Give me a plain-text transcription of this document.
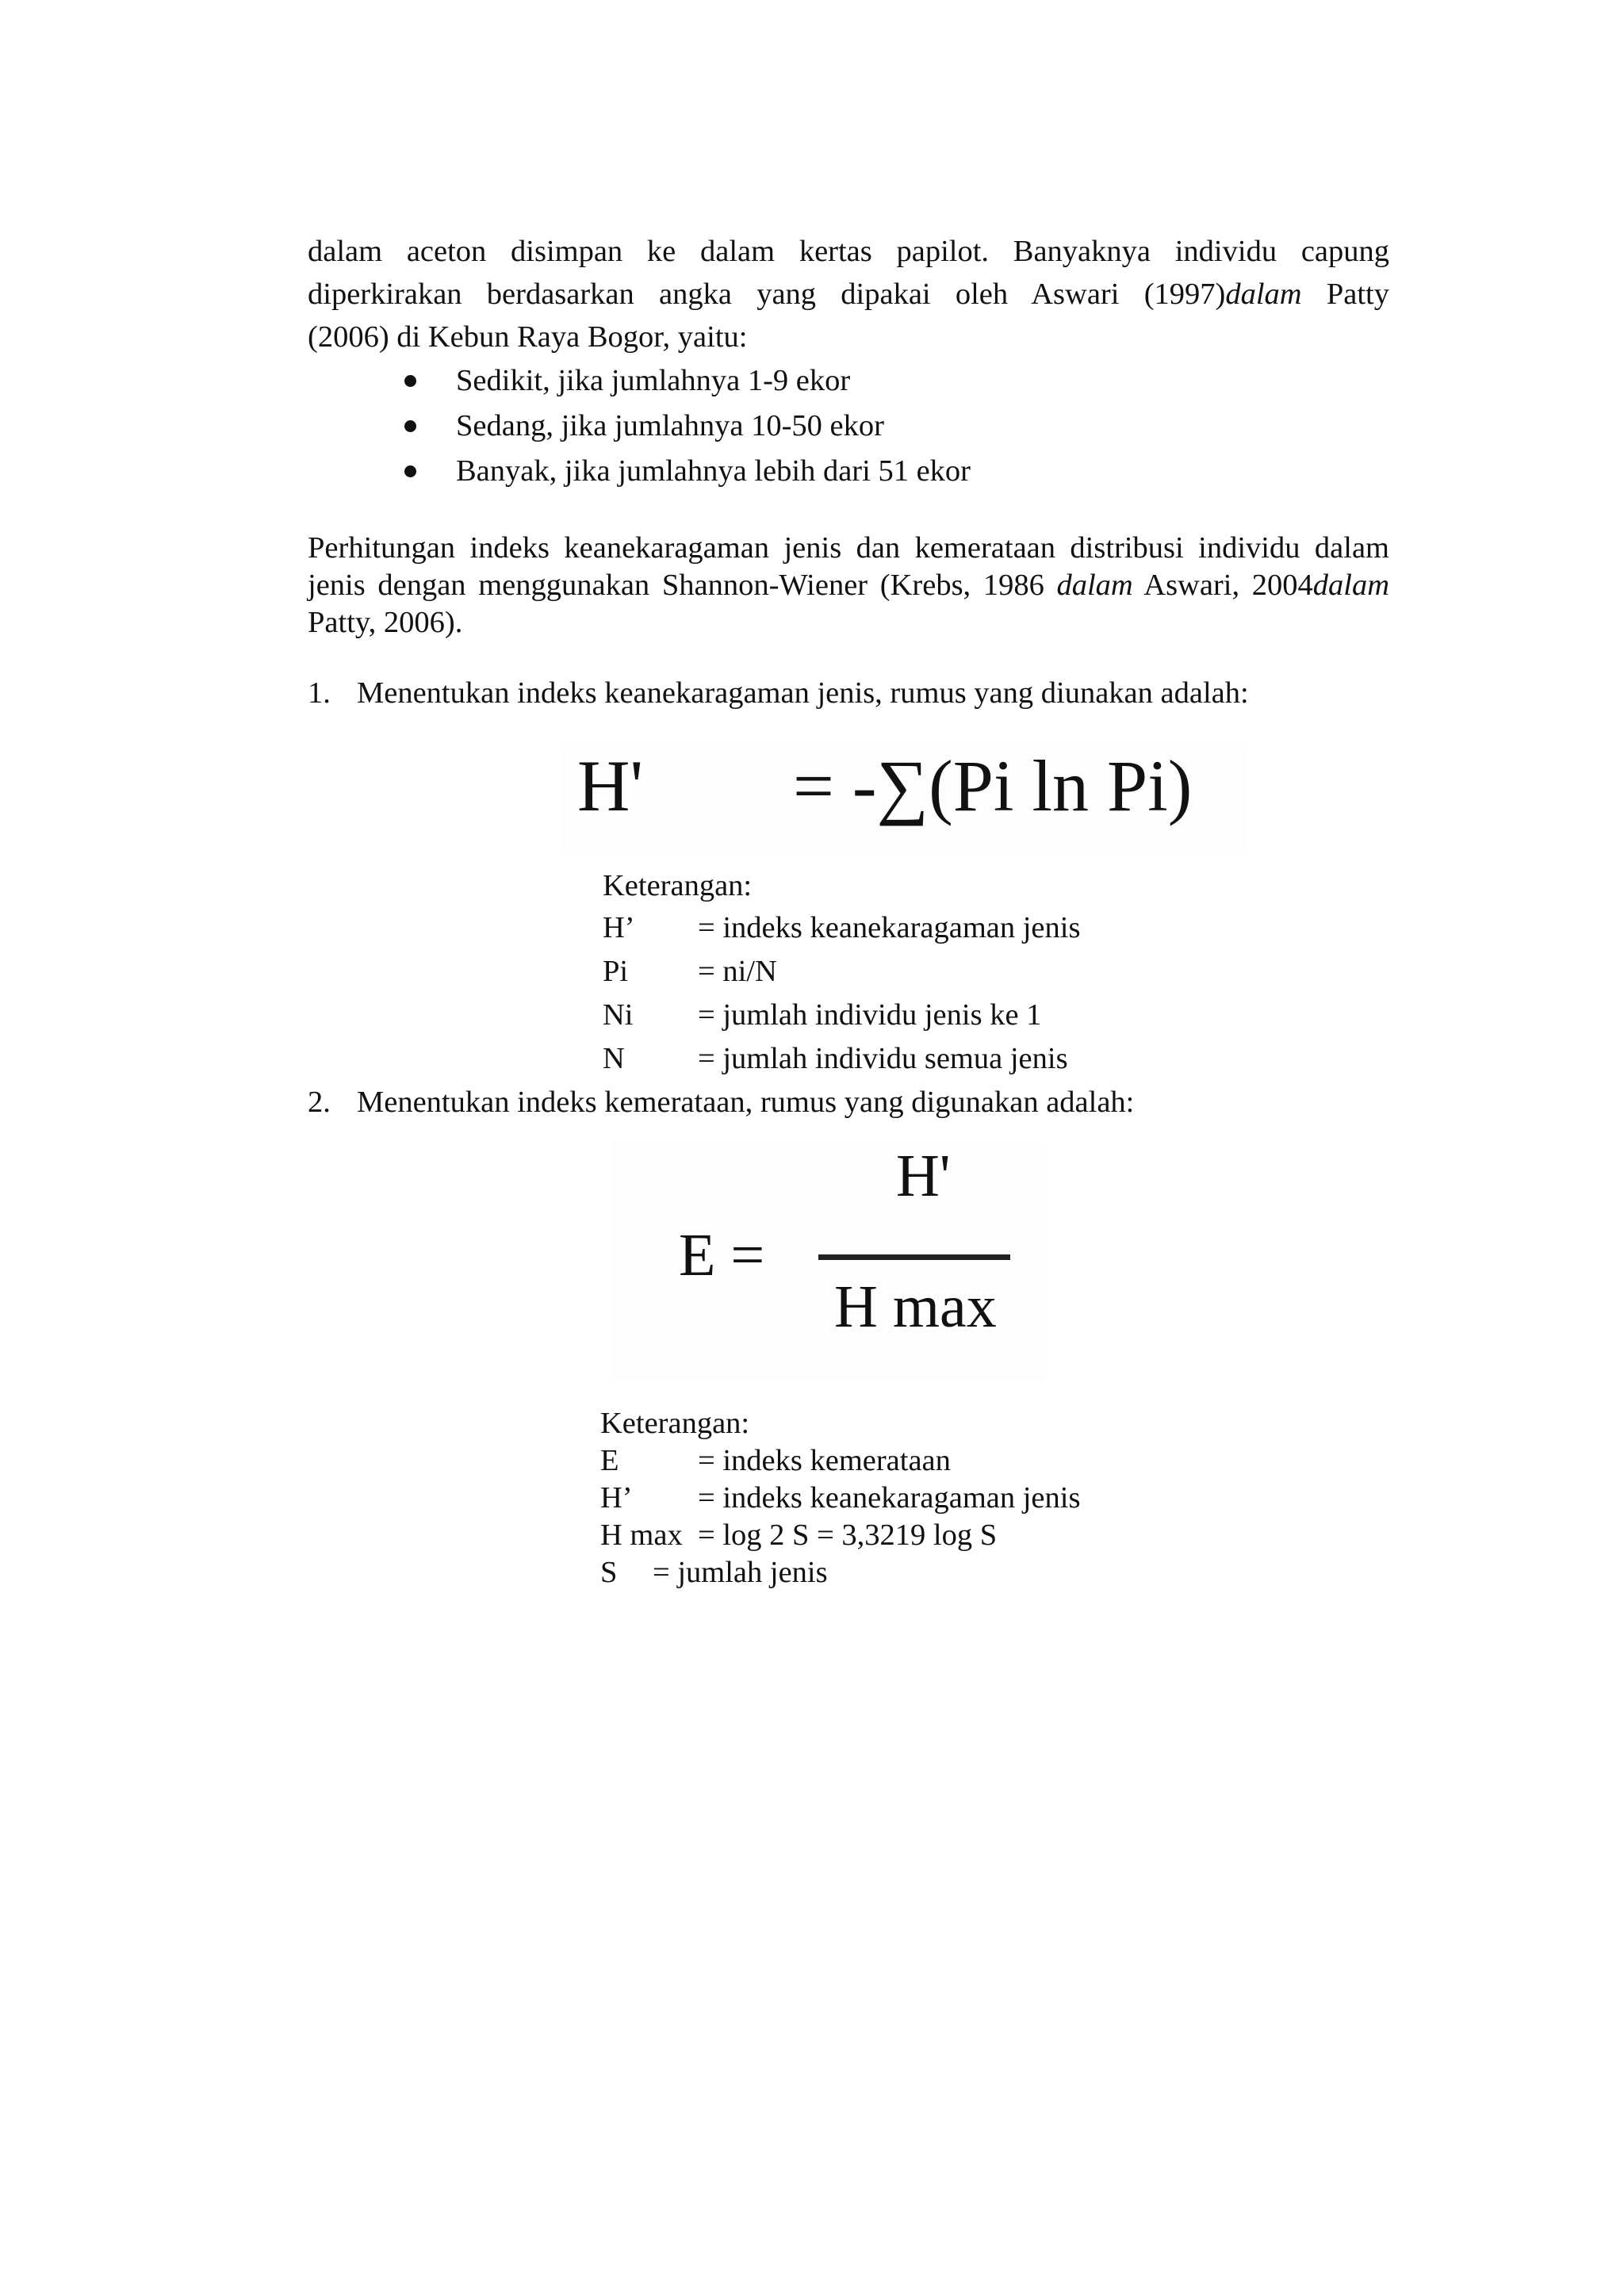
dalam aceton disimpan ke dalam kertas papilot. Banyaknya individu capung
diperkirakan berdasarkan angka yang dipakai oleh Aswari (1997)dalam Patty
(2006) di Kebun Raya Bogor, yaitu:
Sedikit, jika jumlahnya 1-9 ekor
Sedang, jika jumlahnya 10-50 ekor
Banyak, jika jumlahnya lebih dari 51 ekor
Perhitungan indeks keanekaragaman jenis dan kemerataan distribusi individu dalam jenis dengan menggunakan Shannon-Wiener (Krebs, 1986 dalam Aswari, 2004dalam Patty, 2006).
1. Menentukan indeks keanekaragaman jenis, rumus yang diunakan adalah:
H' = -∑(Pi ln Pi)
Keterangan:
H’ = indeks keanekaragaman jenis
Pi = ni/N
Ni = jumlah individu jenis ke 1
N = jumlah individu semua jenis
2. Menentukan indeks kemerataan, rumus yang digunakan adalah:
E =
H'
H max
Keterangan:
E	= indeks kemerataan
H’ = indeks keanekaragaman jenis
H max = log 2 S = 3,3219 log S
S = jumlah jenis
